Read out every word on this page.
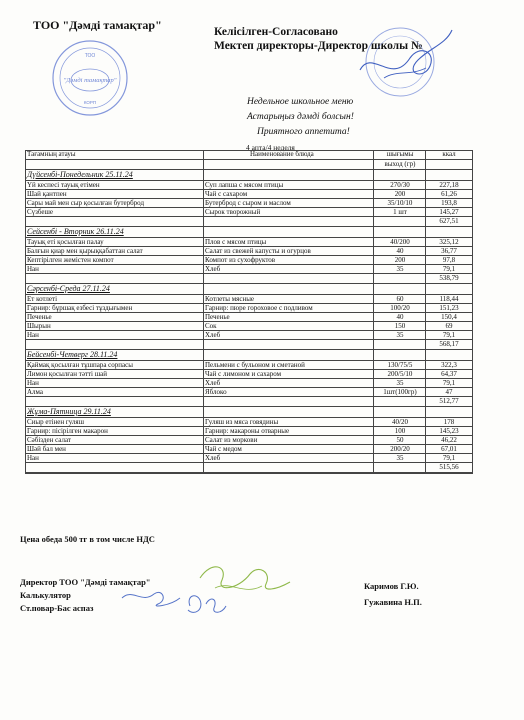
ТОО "Дәмді тамақтар"	Келісілген-Согласовано
Мектеп директоры-Директор школы №
Недельное школьное меню
Астарыңыз дәмді болсын!
Приятного аппетита!
4 апта/4 неделя
ТОО
"Дәмді тамақтар"
КОРП
Тағамның атауы	Наименование блюда	шығымы	ккал
выход (гр)
Дүйсенбі-Понедельник 25.11.24
Үй кеспесі тауық етімен	Суп лапша с мясом птицы	270/30	227,18
Шай қантпен	Чай с сахаром	200	61,26
Сары май мен сыр қосылған бутерброд	Бутерброд с сыром и маслом	35/10/10	193,8
Сүзбеше	Сырок творожный	1 шт	145,27
627,51
Сейсенбі - Вторник 26.11.24
Тауық еті қосылған палау	Плов с мясом птицы	40/200	325,12
Балғын қиар мен қырыққабаттан салат	Салат из свежей капусты и огурцов	40	36,77
Кептірілген жемістен компот	Компот из сухофруктов	200	97,8
Нан	Хлеб	35	79,1
538,79
Сәрсенбі-Среда 27.11.24
Ет котлеті	Котлеты мясные	60	118,44
Гарнир: бұршақ езбесі тұздығымен	Гарнир: пюре гороховое с подливом	100/20	151,23
Печенье	Печенье	40	150,4
Шырын	Сок	150	69
Нан	Хлеб	35	79,1
568,17
Бейсенбі-Четверг 28.11.24
Қаймақ қосылған тұшпара сорпасы	Пельмени с бульоном и сметаной	130/75/5	322,3
Лимон қосылған тәтті шай	Чай с лимоном и сахаром	200/5/10	64,37
Нан	Хлеб	35	79,1
Алма	Яблоко	1шт(100гр)	47
512,77
Жұма-Пятница 29.11.24
Сиыр етінен гуляш	Гуляш из мяса говядины	40/20	178
Гарнир: пісірілген макарон	Гарнир: макароны отварные	100	145,23
Сәбізден салат	Салат из моркови	50	46,22
Шәй бал мен	Чай с медом	200/20	67,01
Нан	Хлеб	35	79,1
515,56
Цена обеда 500 тг в том числе НДС
Директор ТОО "Дәмді тамақтар"
Калькулятор
Ст.повар-Бас аспаз
Каримов Г.Ю.
Гужавина Н.П.
